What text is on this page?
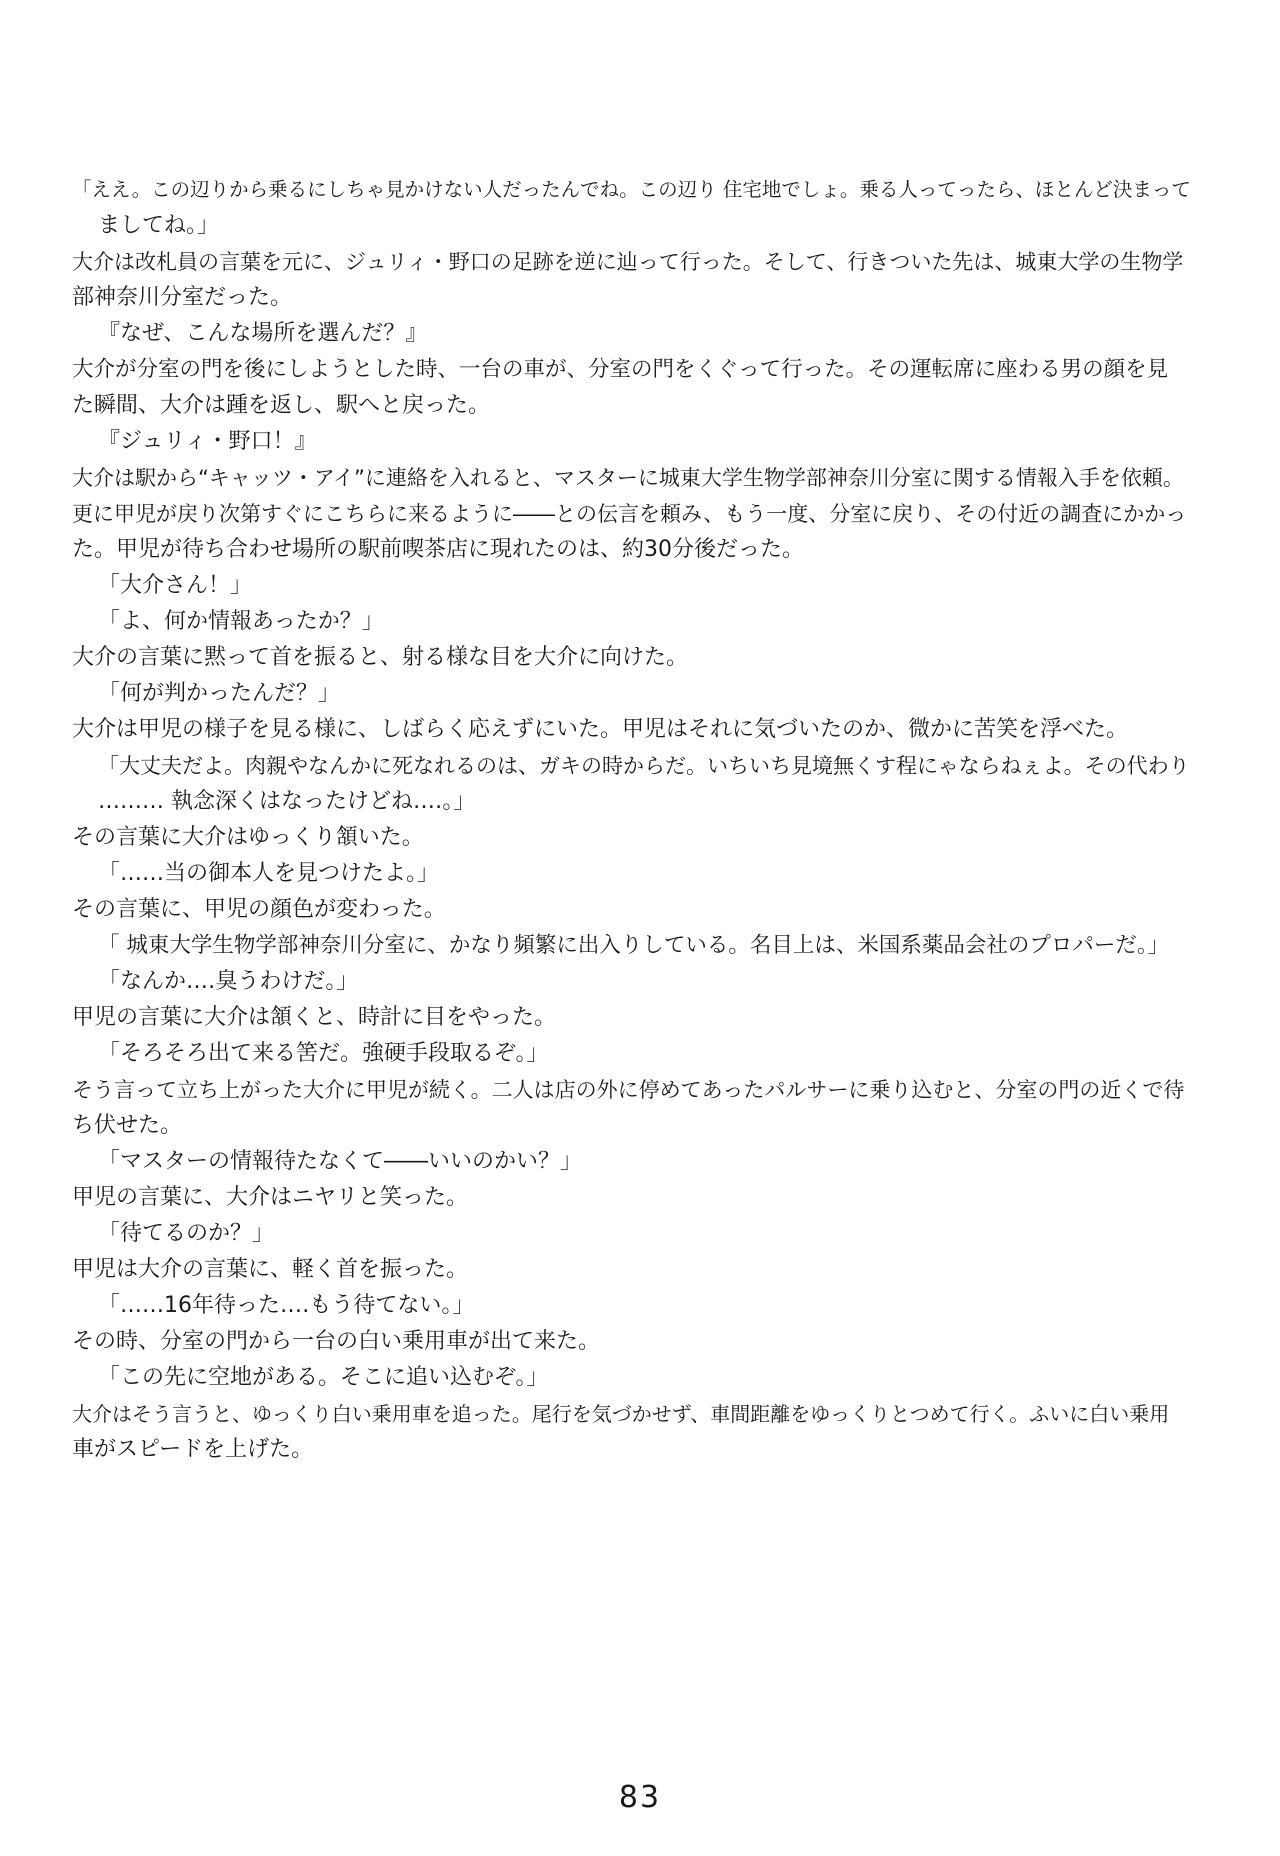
「ええ。この辺りから乗るにしちゃ見かけない人だったんでね。この辺り 住宅地でしょ。乗る人ってったら、ほとんど決まって
ましてね。」
大介は改札員の言葉を元に、ジュリィ・野口の足跡を逆に辿って行った。そして、行きついた先は、城東大学の生物学
部神奈川分室だった。
『なぜ、こんな場所を選んだ？』
大介が分室の門を後にしようとした時、一台の車が、分室の門をくぐって行った。その運転席に座わる男の顔を見
た瞬間、大介は踵を返し、駅へと戻った。
『ジュリィ・野口！』
大介は駅から“キャッツ・アイ”に連絡を入れると、マスターに城東大学生物学部神奈川分室に関する情報入手を依頼。
更に甲児が戻り次第すぐにこちらに来るように――との伝言を頼み、もう一度、分室に戻り、その付近の調査にかかっ
た。甲児が待ち合わせ場所の駅前喫茶店に現れたのは、約30分後だった。
「大介さん！」
「よ、何か情報あったか？」
大介の言葉に黙って首を振ると、射る様な目を大介に向けた。
「何が判かったんだ？」
大介は甲児の様子を見る様に、しばらく応えずにいた。甲児はそれに気づいたのか、微かに苦笑を浮べた。
「大丈夫だよ。肉親やなんかに死なれるのは、ガキの時からだ。いちいち見境無くす程にゃならねぇよ。その代わり
……… 執念深くはなったけどね‥‥。」
その言葉に大介はゆっくり頷いた。
「‥‥‥当の御本人を見つけたよ。」
その言葉に、甲児の顔色が変わった。
「 城東大学生物学部神奈川分室に、かなり頻繁に出入りしている。名目上は、米国系薬品会社のプロパーだ。」
「なんか‥‥臭うわけだ。」
甲児の言葉に大介は頷くと、時計に目をやった。
「そろそろ出て来る筈だ。強硬手段取るぞ。」
そう言って立ち上がった大介に甲児が続く。二人は店の外に停めてあったパルサーに乗り込むと、分室の門の近くで待
ち伏せた。
「マスターの情報待たなくて――いいのかい？」
甲児の言葉に、大介はニヤリと笑った。
「待てるのか？」
甲児は大介の言葉に、軽く首を振った。
「‥‥‥16年待った‥‥もう待てない。」
その時、分室の門から一台の白い乗用車が出て来た。
「この先に空地がある。そこに追い込むぞ。」
大介はそう言うと、ゆっくり白い乗用車を追った。尾行を気づかせず、車間距離をゆっくりとつめて行く。ふいに白い乗用
車がスピードを上げた。
83
